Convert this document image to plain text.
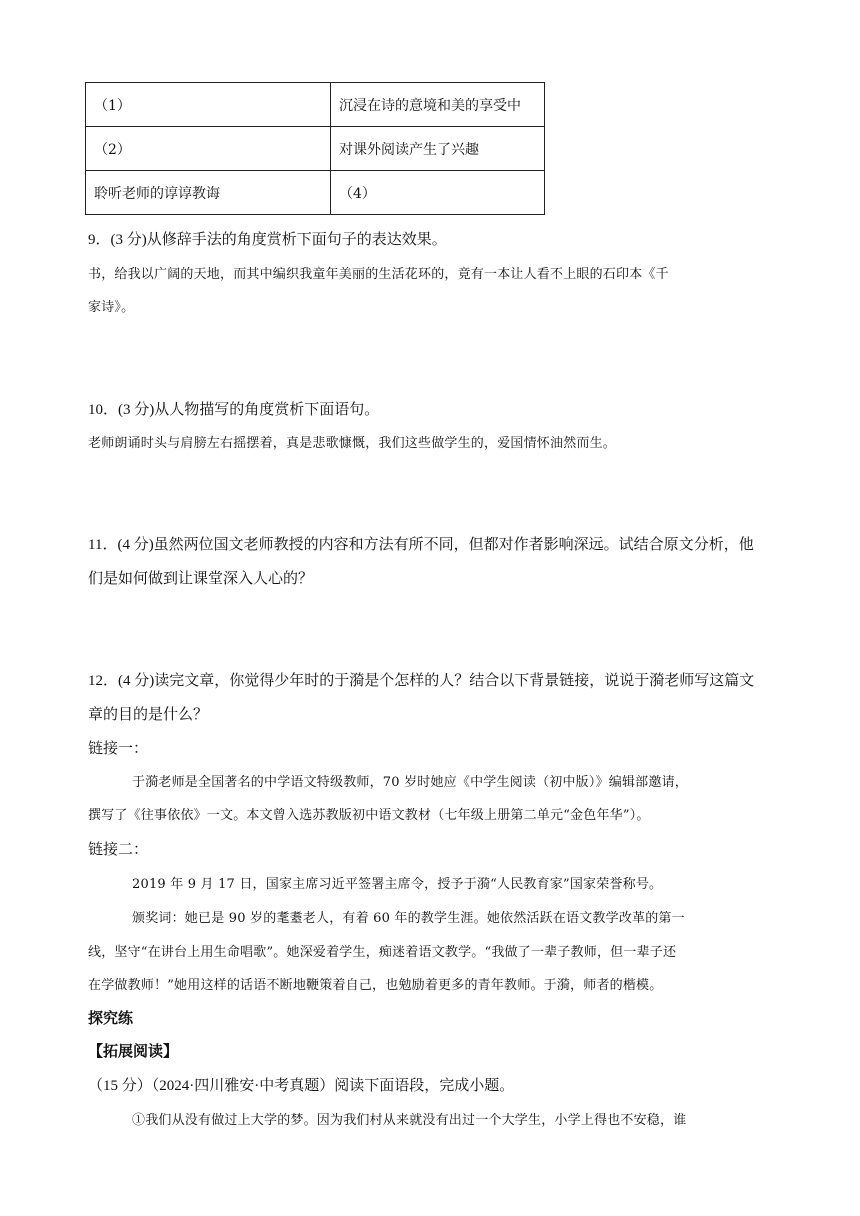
（1）	沉浸在诗的意境和美的享受中
（2）	对课外阅读产生了兴趣
聆听老师的谆谆教诲	（4）
9．(3 分)从修辞手法的角度赏析下面句子的表达效果。
书，给我以广阔的天地，而其中编织我童年美丽的生活花环的，竟有一本让人看不上眼的石印本《千
家诗》。
10．(3 分)从人物描写的角度赏析下面语句。
老师朗诵时头与肩膀左右摇摆着，真是悲歌慷慨，我们这些做学生的，爱国情怀油然而生。
11．(4 分)虽然两位国文老师教授的内容和方法有所不同，但都对作者影响深远。试结合原文分析，他
们是如何做到让课堂深入人心的？
12．(4 分)读完文章，你觉得少年时的于漪是个怎样的人？结合以下背景链接，说说于漪老师写这篇文
章的目的是什么？
链接一：
于漪老师是全国著名的中学语文特级教师，70 岁时她应《中学生阅读（初中版）》编辑部邀请，
撰写了《往事依依》一文。本文曾入选苏教版初中语文教材（七年级上册第二单元“金色年华”）。
链接二：
2019 年 9 月 17 日，国家主席习近平签署主席令，授予于漪“人民教育家”国家荣誉称号。
颁奖词：她已是 90 岁的耄耋老人，有着 60 年的教学生涯。她依然活跃在语文教学改革的第一
线，坚守“在讲台上用生命唱歌”。她深爱着学生，痴迷着语文教学。“我做了一辈子教师，但一辈子还
在学做教师！”她用这样的话语不断地鞭策着自己，也勉励着更多的青年教师。于漪，师者的楷模。
探究练
【拓展阅读】
（15 分）（2024·四川雅安·中考真题）阅读下面语段，完成小题。
①我们从没有做过上大学的梦。因为我们村从来就没有出过一个大学生，小学上得也不安稳，谁
